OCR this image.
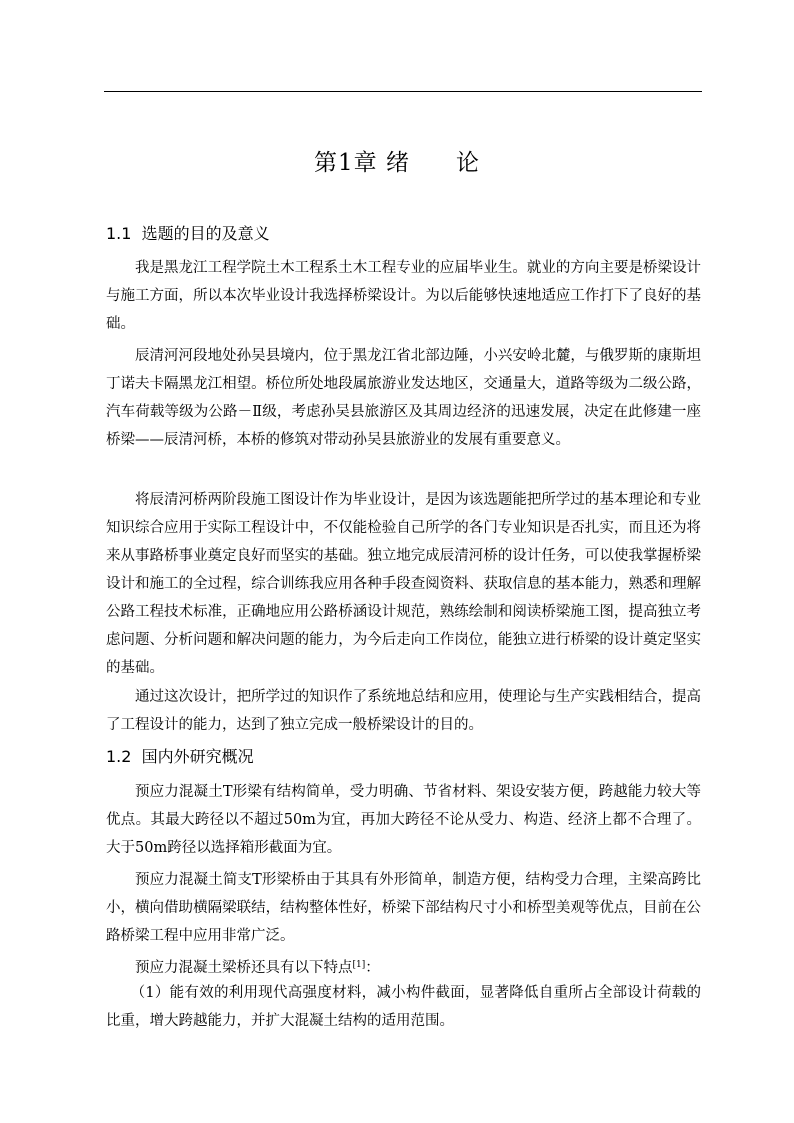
第1章 绪 论
1.1 选题的目的及意义

我是黑龙江工程学院土木工程系土木工程专业的应届毕业生。就业的方向主要是桥梁设计与施工方面，所以本次毕业设计我选择桥梁设计。为以后能够快速地适应工作打下了良好的基础。

辰清河河段地处孙吴县境内，位于黑龙江省北部边陲，小兴安岭北麓，与俄罗斯的康斯坦丁诺夫卡隔黑龙江相望。桥位所处地段属旅游业发达地区，交通量大，道路等级为二级公路，汽车荷载等级为公路－Ⅱ级，考虑孙吴县旅游区及其周边经济的迅速发展，决定在此修建一座桥梁——辰清河桥，本桥的修筑对带动孙吴县旅游业的发展有重要意义。

将辰清河桥两阶段施工图设计作为毕业设计，是因为该选题能把所学过的基本理论和专业知识综合应用于实际工程设计中，不仅能检验自己所学的各门专业知识是否扎实，而且还为将来从事路桥事业奠定良好而坚实的基础。独立地完成辰清河桥的设计任务，可以使我掌握桥梁设计和施工的全过程，综合训练我应用各种手段查阅资料、获取信息的基本能力，熟悉和理解公路工程技术标准，正确地应用公路桥涵设计规范，熟练绘制和阅读桥梁施工图，提高独立考虑问题、分析问题和解决问题的能力，为今后走向工作岗位，能独立进行桥梁的设计奠定坚实的基础。

通过这次设计，把所学过的知识作了系统地总结和应用，使理论与生产实践相结合，提高了工程设计的能力，达到了独立完成一般桥梁设计的目的。

1.2 国内外研究概况

预应力混凝土T形梁有结构简单，受力明确、节省材料、架设安装方便，跨越能力较大等优点。其最大跨径以不超过50m为宜，再加大跨径不论从受力、构造、经济上都不合理了。大于50m跨径以选择箱形截面为宜。

预应力混凝土简支T形梁桥由于其具有外形简单，制造方便，结构受力合理，主梁高跨比小，横向借助横隔梁联结，结构整体性好，桥梁下部结构尺寸小和桥型美观等优点，目前在公路桥梁工程中应用非常广泛。

预应力混凝土梁桥还具有以下特点[1]：

（1）能有效的利用现代高强度材料，减小构件截面，显著降低自重所占全部设计荷载的比重，增大跨越能力，并扩大混凝土结构的适用范围。
